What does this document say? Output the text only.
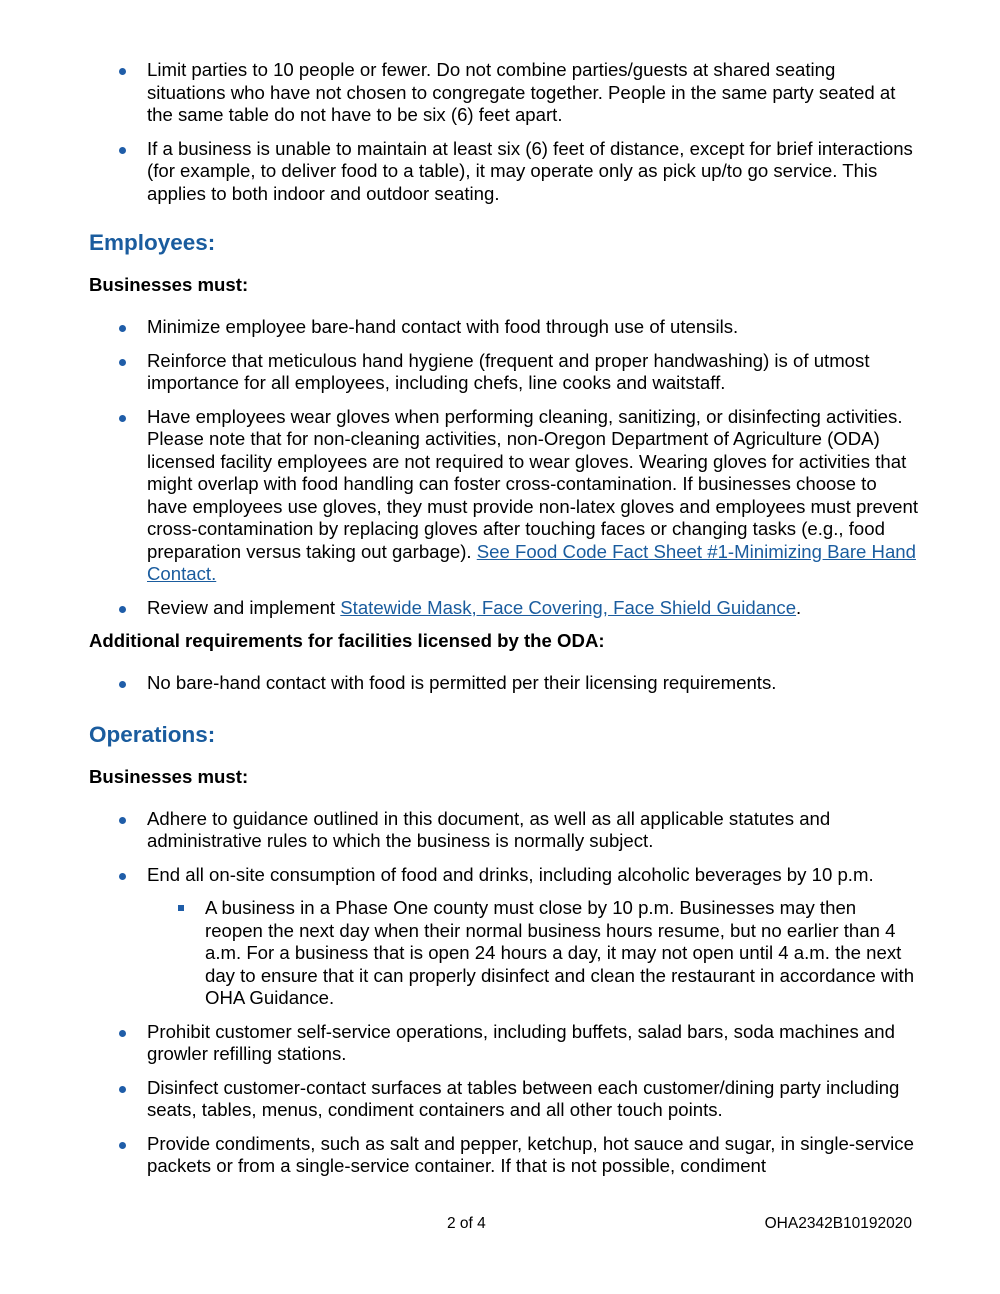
Limit parties to 10 people or fewer. Do not combine parties/guests at shared seating situations who have not chosen to congregate together. People in the same party seated at the same table do not have to be six (6) feet apart.
If a business is unable to maintain at least six (6) feet of distance, except for brief interactions (for example, to deliver food to a table), it may operate only as pick up/to go service. This applies to both indoor and outdoor seating.
Employees:

Businesses must:

Minimize employee bare-hand contact with food through use of utensils.
Reinforce that meticulous hand hygiene (frequent and proper handwashing) is of utmost importance for all employees, including chefs, line cooks and waitstaff.
Have employees wear gloves when performing cleaning, sanitizing, or disinfecting activities. Please note that for non-cleaning activities, non-Oregon Department of Agriculture (ODA) licensed facility employees are not required to wear gloves. Wearing gloves for activities that might overlap with food handling can foster cross-contamination. If businesses choose to have employees use gloves, they must provide non-latex gloves and employees must prevent cross-contamination by replacing gloves after touching faces or changing tasks (e.g., food preparation versus taking out garbage). See Food Code Fact Sheet #1-Minimizing Bare Hand Contact.
Review and implement Statewide Mask, Face Covering, Face Shield Guidance.

Additional requirements for facilities licensed by the ODA:

No bare-hand contact with food is permitted per their licensing requirements.
Operations:

Businesses must:

Adhere to guidance outlined in this document, as well as all applicable statutes and administrative rules to which the business is normally subject.
End all on-site consumption of food and drinks, including alcoholic beverages by 10 p.m.
A business in a Phase One county must close by 10 p.m. Businesses may then reopen the next day when their normal business hours resume, but no earlier than 4 a.m. For a business that is open 24 hours a day, it may not open until 4 a.m. the next day to ensure that it can properly disinfect and clean the restaurant in accordance with OHA Guidance.
Prohibit customer self-service operations, including buffets, salad bars, soda machines and growler refilling stations.
Disinfect customer-contact surfaces at tables between each customer/dining party including seats, tables, menus, condiment containers and all other touch points.
Provide condiments, such as salt and pepper, ketchup, hot sauce and sugar, in single-service packets or from a single-service container. If that is not possible, condiment
2 of 4	OHA2342B10192020
